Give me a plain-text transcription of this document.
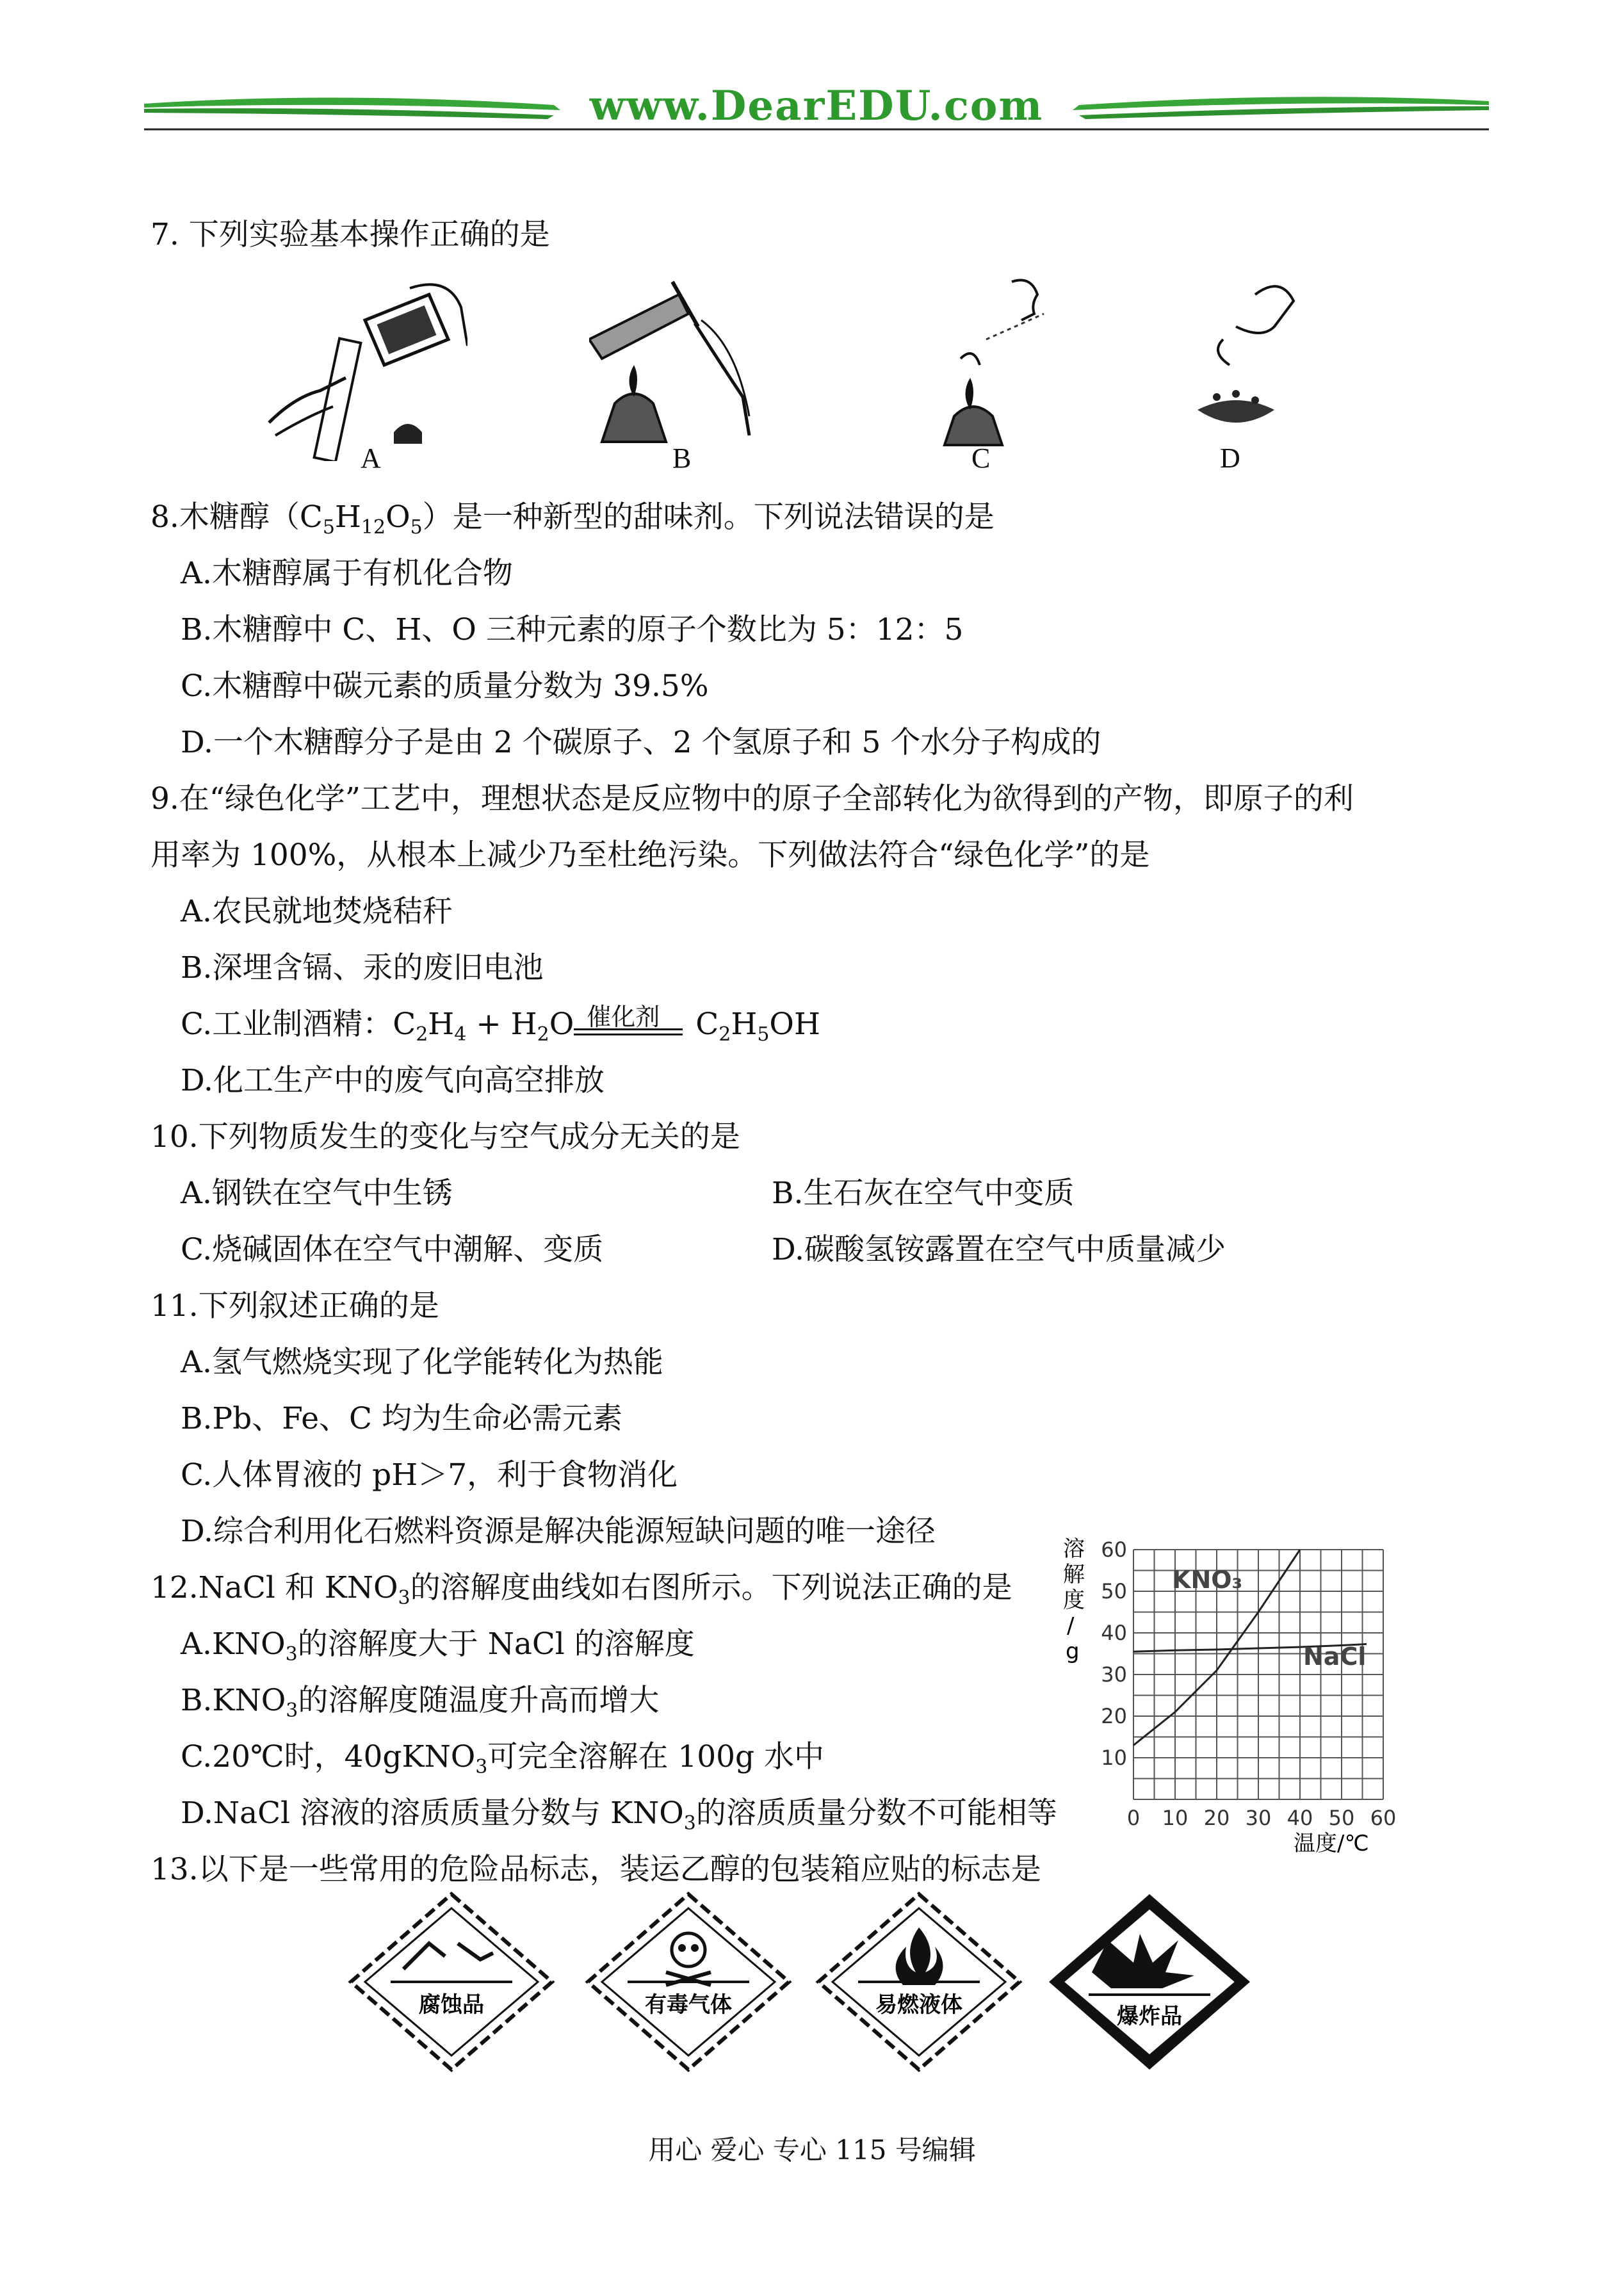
www.DearEDU.com
7. 下列实验基本操作正确的是
A	B	C	D
8.木糖醇$(C_5H_{12}O_5)$是一种新型的甜味剂。下列说法错误的是
A.木糖醇属于有机化合物
B.木糖醇中 C、H、O 三种元素的原子个数比为 5：12：5
C.木糖醇中碳元素的质量分数为 39.5%
D.一个木糖醇分子是由 2 个碳原子、2 个氢原子和 5 个水分子构成的
9.在“绿色化学”工艺中，理想状态是反应物中的原子全部转化为欲得到的产物，即原子的利
用率为 100%，从根本上减少乃至杜绝污染。下列做法符合“绿色化学”的是
A.农民就地焚烧秸秆
B.深埋含镉、汞的废旧电池
C.工业制酒精：$C_2H_4 + H_2O$ 催化剂 $C_2H_5OH$
D.化工生产中的废气向高空排放
10.下列物质发生的变化与空气成分无关的是
A.钢铁在空气中生锈	B.生石灰在空气中变质
C.烧碱固体在空气中潮解、变质	D.碳酸氢铵露置在空气中质量减少
11.下列叙述正确的是
A.氢气燃烧实现了化学能转化为热能
B.Pb、Fe、C 均为生命必需元素
C.人体胃液的 pH＞7，利于食物消化
D.综合利用化石燃料资源是解决能源短缺问题的唯一途径
12.NaCl 和 $KNO_3$的溶解度曲线如右图所示。下列说法正确的是
$A.KNO_3$的溶解度大于 NaCl 的溶解度
$B.KNO_3$的溶解度随温度升高而增大
C.20℃时，40gKNO$_3$可完全溶解在 100g 水中
D.NaCl 溶液的溶质质量分数与 $KNO_3$的溶质质量分数不可能相等	0 10 20 30 40 50 60
10
20
30
40
50
60
溶
解
度
/
g
温度/℃
KNO₃
NaCl
13.以下是一些常用的危险品标志，装运乙醇的包装箱应贴的标志是
腐蚀品	有毒气体	易燃液体	爆炸品
用心 爱心 专心 115 号编辑
